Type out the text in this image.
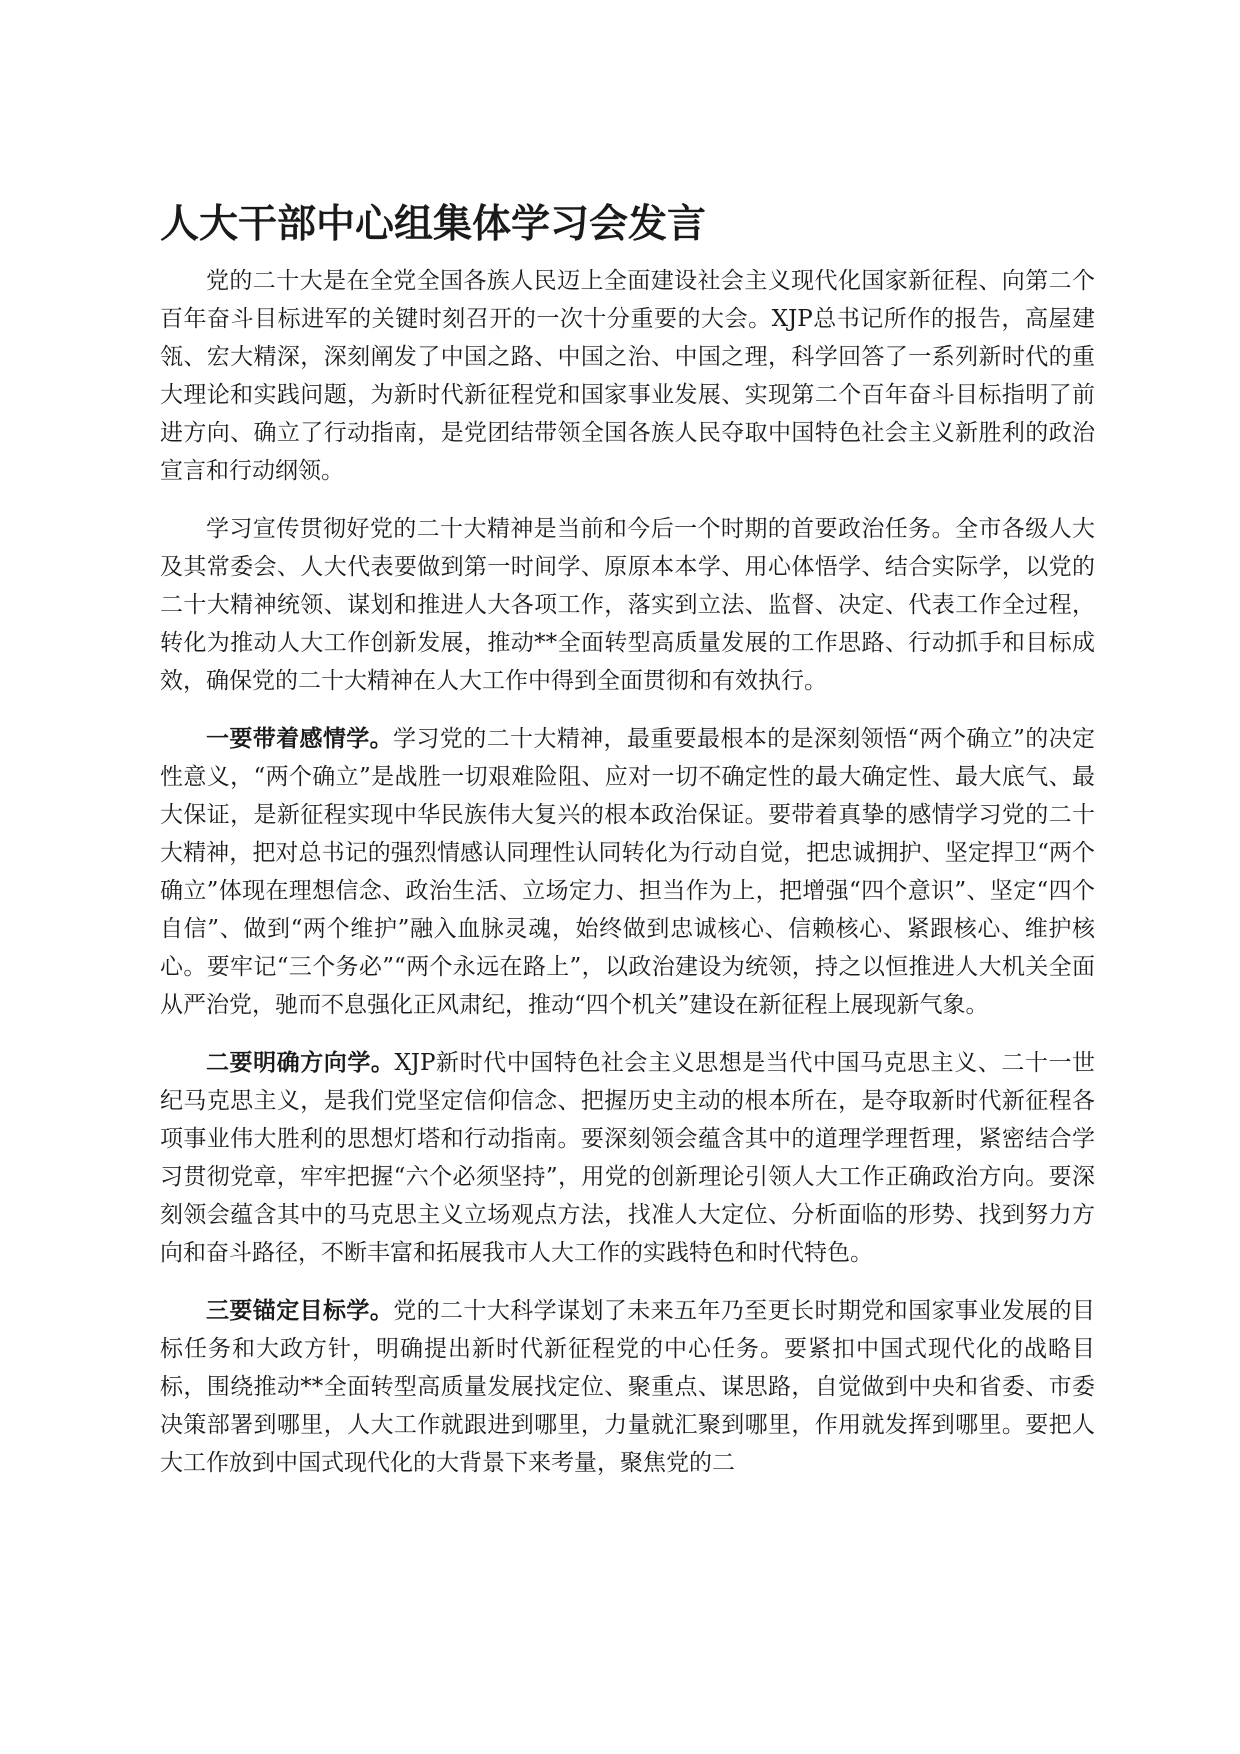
人大干部中心组集体学习会发言

党的二十大是在全党全国各族人民迈上全面建设社会主义现代化国家新征程、向第二个百年奋斗目标进军的关键时刻召开的一次十分重要的大会。XJP总书记所作的报告，高屋建瓴、宏大精深，深刻阐发了中国之路、中国之治、中国之理，科学回答了一系列新时代的重大理论和实践问题，为新时代新征程党和国家事业发展、实现第二个百年奋斗目标指明了前进方向、确立了行动指南，是党团结带领全国各族人民夺取中国特色社会主义新胜利的政治宣言和行动纲领。

学习宣传贯彻好党的二十大精神是当前和今后一个时期的首要政治任务。全市各级人大及其常委会、人大代表要做到第一时间学、原原本本学、用心体悟学、结合实际学，以党的二十大精神统领、谋划和推进人大各项工作，落实到立法、监督、决定、代表工作全过程，转化为推动人大工作创新发展，推动**全面转型高质量发展的工作思路、行动抓手和目标成效，确保党的二十大精神在人大工作中得到全面贯彻和有效执行。

一要带着感情学。学习党的二十大精神，最重要最根本的是深刻领悟“两个确立”的决定性意义，“两个确立”是战胜一切艰难险阻、应对一切不确定性的最大确定性、最大底气、最大保证，是新征程实现中华民族伟大复兴的根本政治保证。要带着真挚的感情学习党的二十大精神，把对总书记的强烈情感认同理性认同转化为行动自觉，把忠诚拥护、坚定捍卫“两个确立”体现在理想信念、政治生活、立场定力、担当作为上，把增强“四个意识”、坚定“四个自信”、做到“两个维护”融入血脉灵魂，始终做到忠诚核心、信赖核心、紧跟核心、维护核心。要牢记“三个务必”“两个永远在路上”，以政治建设为统领，持之以恒推进人大机关全面从严治党，驰而不息强化正风肃纪，推动“四个机关”建设在新征程上展现新气象。

二要明确方向学。XJP新时代中国特色社会主义思想是当代中国马克思主义、二十一世纪马克思主义，是我们党坚定信仰信念、把握历史主动的根本所在，是夺取新时代新征程各项事业伟大胜利的思想灯塔和行动指南。要深刻领会蕴含其中的道理学理哲理，紧密结合学习贯彻党章，牢牢把握“六个必须坚持”，用党的创新理论引领人大工作正确政治方向。要深刻领会蕴含其中的马克思主义立场观点方法，找准人大定位、分析面临的形势、找到努力方向和奋斗路径，不断丰富和拓展我市人大工作的实践特色和时代特色。

三要锚定目标学。党的二十大科学谋划了未来五年乃至更长时期党和国家事业发展的目标任务和大政方针，明确提出新时代新征程党的中心任务。要紧扣中国式现代化的战略目标，围绕推动**全面转型高质量发展找定位、聚重点、谋思路，自觉做到中央和省委、市委决策部署到哪里，人大工作就跟进到哪里，力量就汇聚到哪里，作用就发挥到哪里。要把人大工作放到中国式现代化的大背景下来考量，聚焦党的二
